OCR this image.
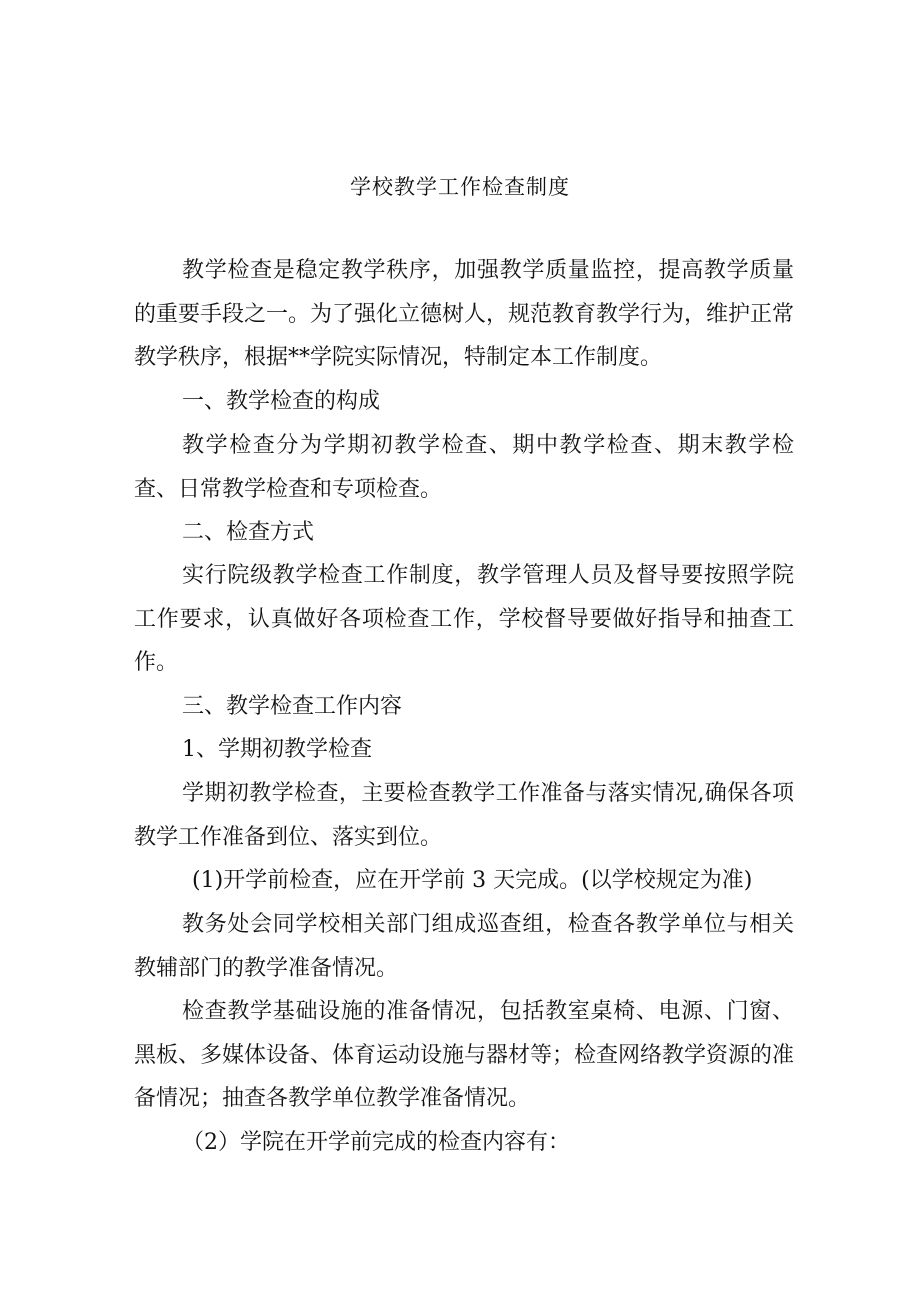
学校教学工作检查制度

教学检查是稳定教学秩序，加强教学质量监控，提高教学质量的重要手段之一。为了强化立德树人，规范教育教学行为，维护正常教学秩序，根据**学院实际情况，特制定本工作制度。

一、教学检查的构成

教学检查分为学期初教学检查、期中教学检查、期末教学检查、日常教学检查和专项检查。

二、检查方式

实行院级教学检查工作制度，教学管理人员及督导要按照学院工作要求，认真做好各项检查工作，学校督导要做好指导和抽查工作。

三、教学检查工作内容

1、学期初教学检查

学期初教学检查，主要检查教学工作准备与落实情况,确保各项教学工作准备到位、落实到位。

(1)开学前检查，应在开学前 3 天完成。(以学校规定为准)

教务处会同学校相关部门组成巡查组，检查各教学单位与相关教辅部门的教学准备情况。

检查教学基础设施的准备情况，包括教室桌椅、电源、门窗、黑板、多媒体设备、体育运动设施与器材等；检查网络教学资源的准备情况；抽查各教学单位教学准备情况。

（2）学院在开学前完成的检查内容有：
